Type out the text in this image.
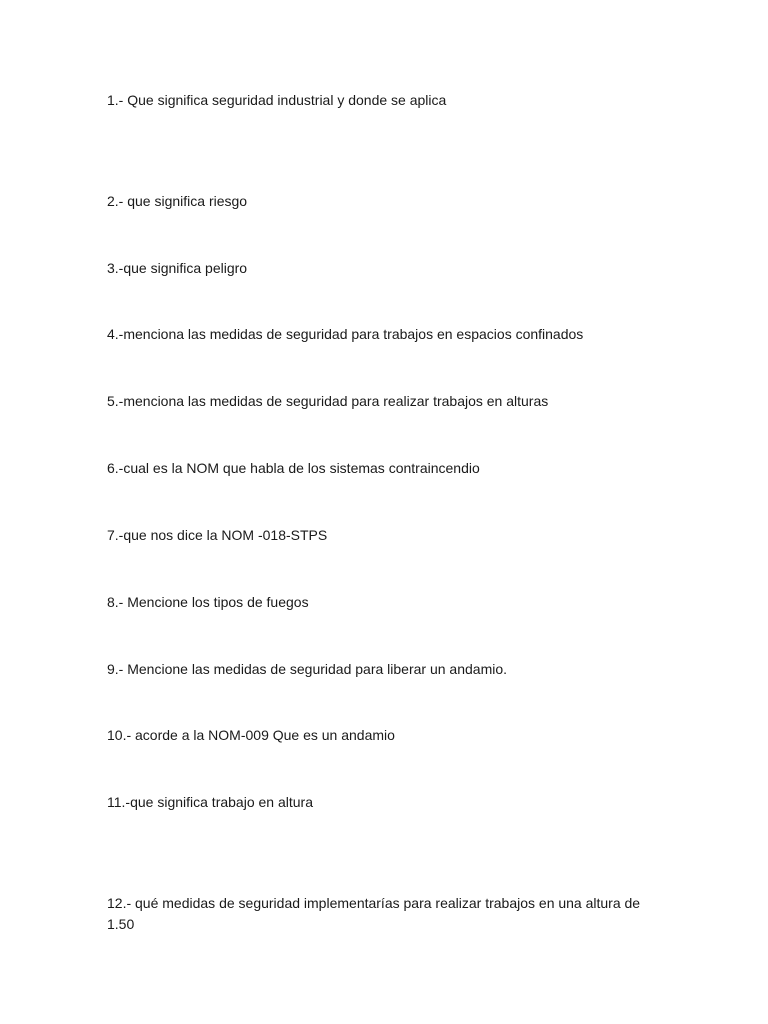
1.- Que significa seguridad industrial y donde se aplica

2.- que significa riesgo

3.-que significa peligro

4.-menciona las medidas de seguridad para trabajos en espacios confinados

5.-menciona las medidas de seguridad para realizar trabajos en alturas

6.-cual es la NOM que habla de los sistemas contraincendio

7.-que nos dice la NOM -018-STPS

8.- Mencione los tipos de fuegos

9.- Mencione las medidas de seguridad para liberar un andamio.

10.- acorde a la NOM-009 Que es un andamio

11.-que significa trabajo en altura

12.- qué medidas de seguridad implementarías para realizar trabajos en una altura de 1.50
